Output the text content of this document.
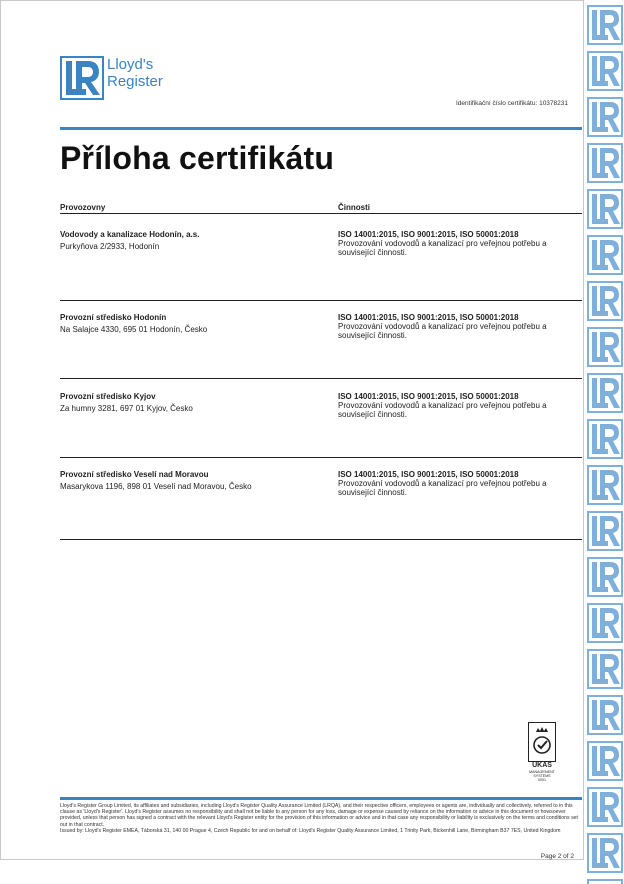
Lloyd's
Register
Identifikační číslo certifikátu: 10378231
Příloha certifikátu
Provozovny	Činnosti
Vodovody a kanalizace Hodonín, a.s.
Purkyňova 2/2933, Hodonín
ISO 14001:2015, ISO 9001:2015, ISO 50001:2018
Provozování vodovodů a kanalizací pro veřejnou potřebu a související činnosti.
Provozní středisko Hodonín
Na Salajce 4330, 695 01 Hodonín, Česko
ISO 14001:2015, ISO 9001:2015, ISO 50001:2018
Provozování vodovodů a kanalizací pro veřejnou potřebu a související činnosti.
Provozní středisko Kyjov
Za humny 3281, 697 01 Kyjov, Česko
ISO 14001:2015, ISO 9001:2015, ISO 50001:2018
Provozování vodovodů a kanalizací pro veřejnou potřebu a související činnosti.
Provozní středisko Veselí nad Moravou
Masarykova 1196, 898 01 Veselí nad Moravou, Česko
ISO 14001:2015, ISO 9001:2015, ISO 50001:2018
Provozování vodovodů a kanalizací pro veřejnou potřebu a související činnosti.
UKAS
MANAGEMENT SYSTEMS
0001
Lloyd's Register Group Limited, its affiliates and subsidiaries, including Lloyd's Register Quality Assurance Limited (LRQA), and their respective officers, employees or agents are, individually and collectively, referred to in this clause as 'Lloyd's Register'. Lloyd's Register assumes no responsibility and shall not be liable to any person for any loss, damage or expense caused by reliance on the information or advice in this document or howsoever provided, unless that person has signed a contract with the relevant Lloyd's Register entity for the provision of this information or advice and in that case any responsibility or liability is exclusively on the terms and conditions set out in that contract.
Issued by: Lloyd's Register EMEA, Táborská 31, 140 00 Prague 4, Czech Republic for and on behalf of: Lloyd's Register Quality Assurance Limited, 1 Trinity Park, Bickenhill Lane, Birmingham B37 7ES, United Kingdom
Page 2 of 2
